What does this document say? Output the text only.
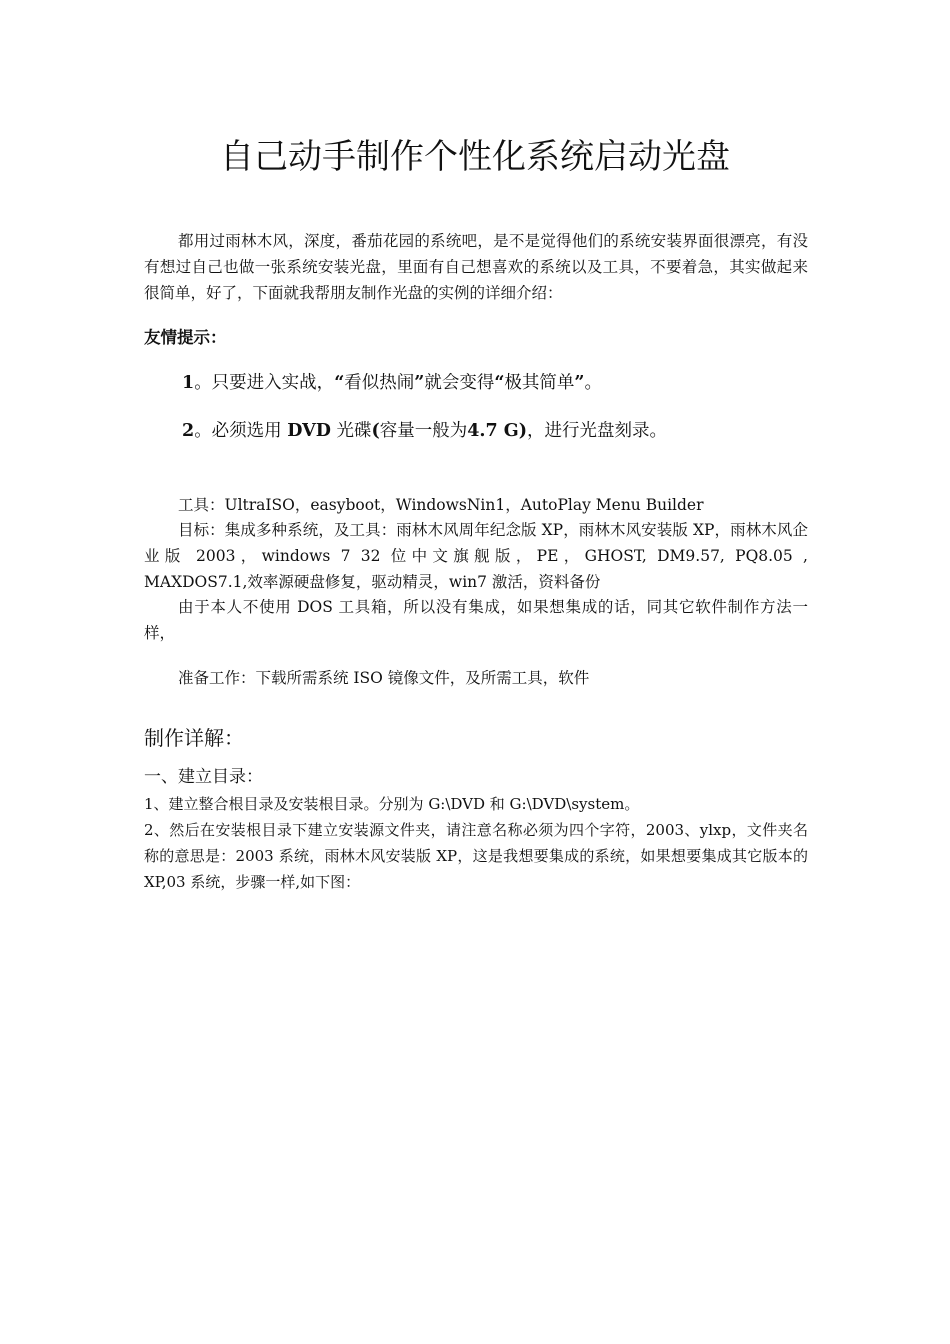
自己动手制作个性化系统启动光盘

都用过雨林木风，深度，番茄花园的系统吧，是不是觉得他们的系统安装界面很漂亮，有没有想过自己也做一张系统安装光盘，里面有自己想喜欢的系统以及工具，不要着急，其实做起来很简单，好了，下面就我帮朋友制作光盘的实例的详细介绍：

友情提示：

1。只要进入实战，“看似热闹”就会变得“极其简单”。

2。必须选用 DVD 光碟(容量一般为4.7 G)，进行光盘刻录。

工具：UltraISO，easyboot，WindowsNin1，AutoPlay Menu Builder

目标：集成多种系统，及工具：雨林木风周年纪念版 XP，雨林木风安装版 XP，雨林木风企业版 2003，windows 7 32 位中文旗舰版，PE，GHOST, DM9.57, PQ8.05 , MAXDOS7.1,效率源硬盘修复，驱动精灵，win7 激活，资料备份

由于本人不使用 DOS 工具箱，所以没有集成，如果想集成的话，同其它软件制作方法一样，

准备工作：下载所需系统 ISO 镜像文件，及所需工具，软件

制作详解：
一、建立目录：

1、建立整合根目录及安装根目录。分别为 G:\DVD 和 G:\DVD\system。

2、然后在安装根目录下建立安装源文件夹，请注意名称必须为四个字符，2003、ylxp，文件夹名称的意思是：2003 系统，雨林木风安装版 XP，这是我想要集成的系统，如果想要集成其它版本的 XP,03 系统，步骤一样,如下图：
